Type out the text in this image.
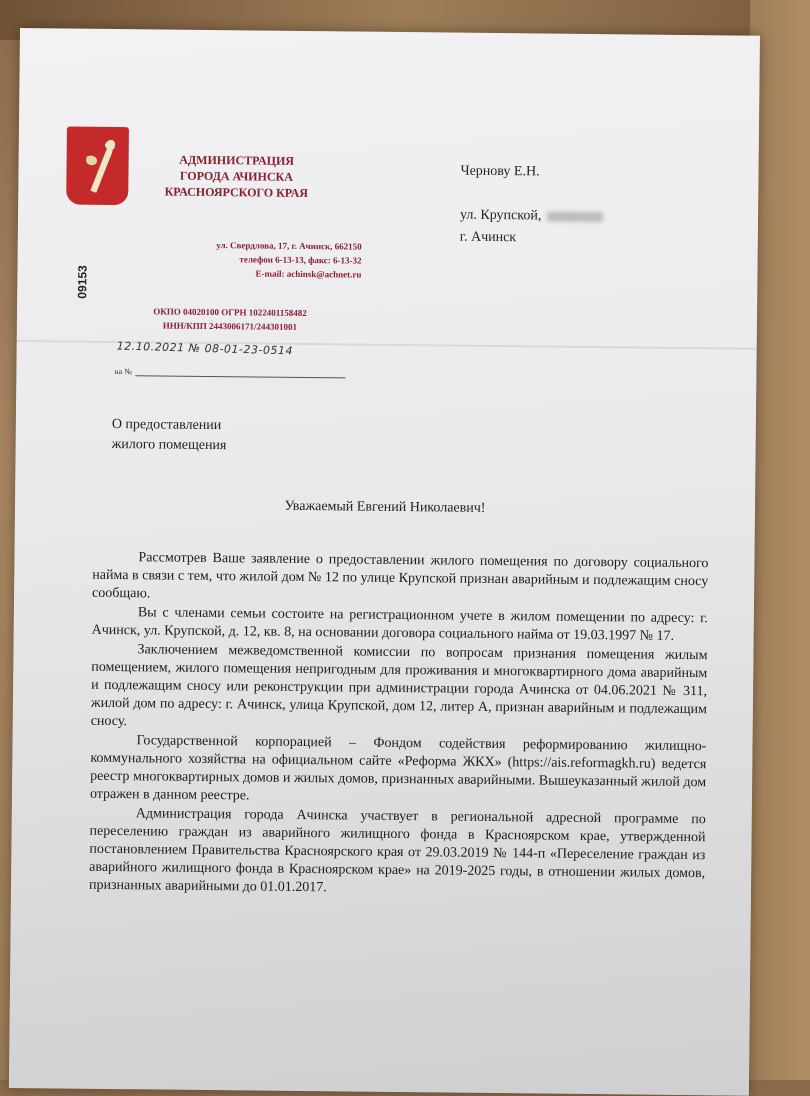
АДМИНИСТРАЦИЯ
ГОРОДА АЧИНСКА
КРАСНОЯРСКОГО КРАЯ
ул. Свердлова, 17, г. Ачинск, 662150
телефон 6-13-13, факс: 6-13-32
E-mail: achinsk@achnet.ru
ОКПО 04020100 ОГРН 1022401158482
ИНН/КПП 2443006171/244301001
12.10.2021 № 08-01-23-0514
на №
09153
Чернову Е.Н.
ул. Крупской,
г. Ачинск
О предоставлении
жилого помещения
Уважаемый Евгений Николаевич!

Рассмотрев Ваше заявление о предоставлении жилого помещения по договору социального найма в связи с тем, что жилой дом № 12 по улице Крупской признан аварийным и подлежащим сносу сообщаю.

Вы с членами семьи состоите на регистрационном учете в жилом помещении по адресу: г. Ачинск, ул. Крупской, д. 12, кв. 8, на основании договора социального найма от 19.03.1997 № 17.

Заключением межведомственной комиссии по вопросам признания помещения жилым помещением, жилого помещения непригодным для проживания и многоквартирного дома аварийным и подлежащим сносу или реконструкции при администрации города Ачинска от 04.06.2021 № 311, жилой дом по адресу: г. Ачинск, улица Крупской, дом 12, литер А, признан аварийным и подлежащим сносу.

Государственной корпорацией – Фондом содействия реформированию жилищно-коммунального хозяйства на официальном сайте «Реформа ЖКХ» (https://ais.reformagkh.ru) ведется реестр многоквартирных домов и жилых домов, признанных аварийными. Вышеуказанный жилой дом отражен в данном реестре.

Администрация города Ачинска участвует в региональной адресной программе по переселению граждан из аварийного жилищного фонда в Красноярском крае, утвержденной постановлением Правительства Красноярского края от 29.03.2019 № 144-п «Переселение граждан из аварийного жилищного фонда в Красноярском крае» на 2019-2025 годы, в отношении жилых домов, признанных аварийными до 01.01.2017.
